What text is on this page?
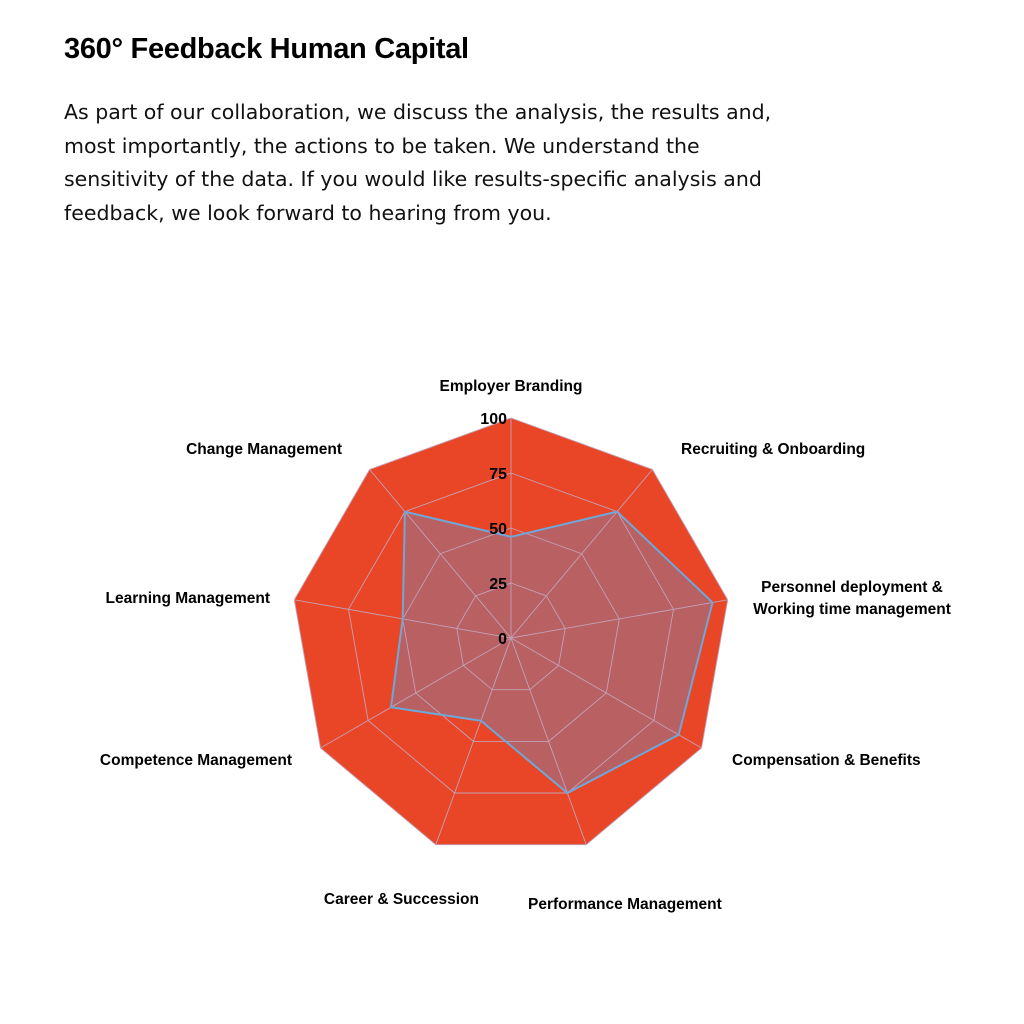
360° Feedback Human Capital
As part of our collaboration, we discuss the analysis, the results and,
most importantly, the actions to be taken. We understand the
sensitivity of the data. If you would like results-specific analysis and
feedback, we look forward to hearing from you.
0
25
50
75
100
Employer Branding
Recruiting & Onboarding
Personnel deployment & Working time management
Compensation & Benefits
Performance Management
Career & Succession
Competence Management
Learning Management
Change Management
